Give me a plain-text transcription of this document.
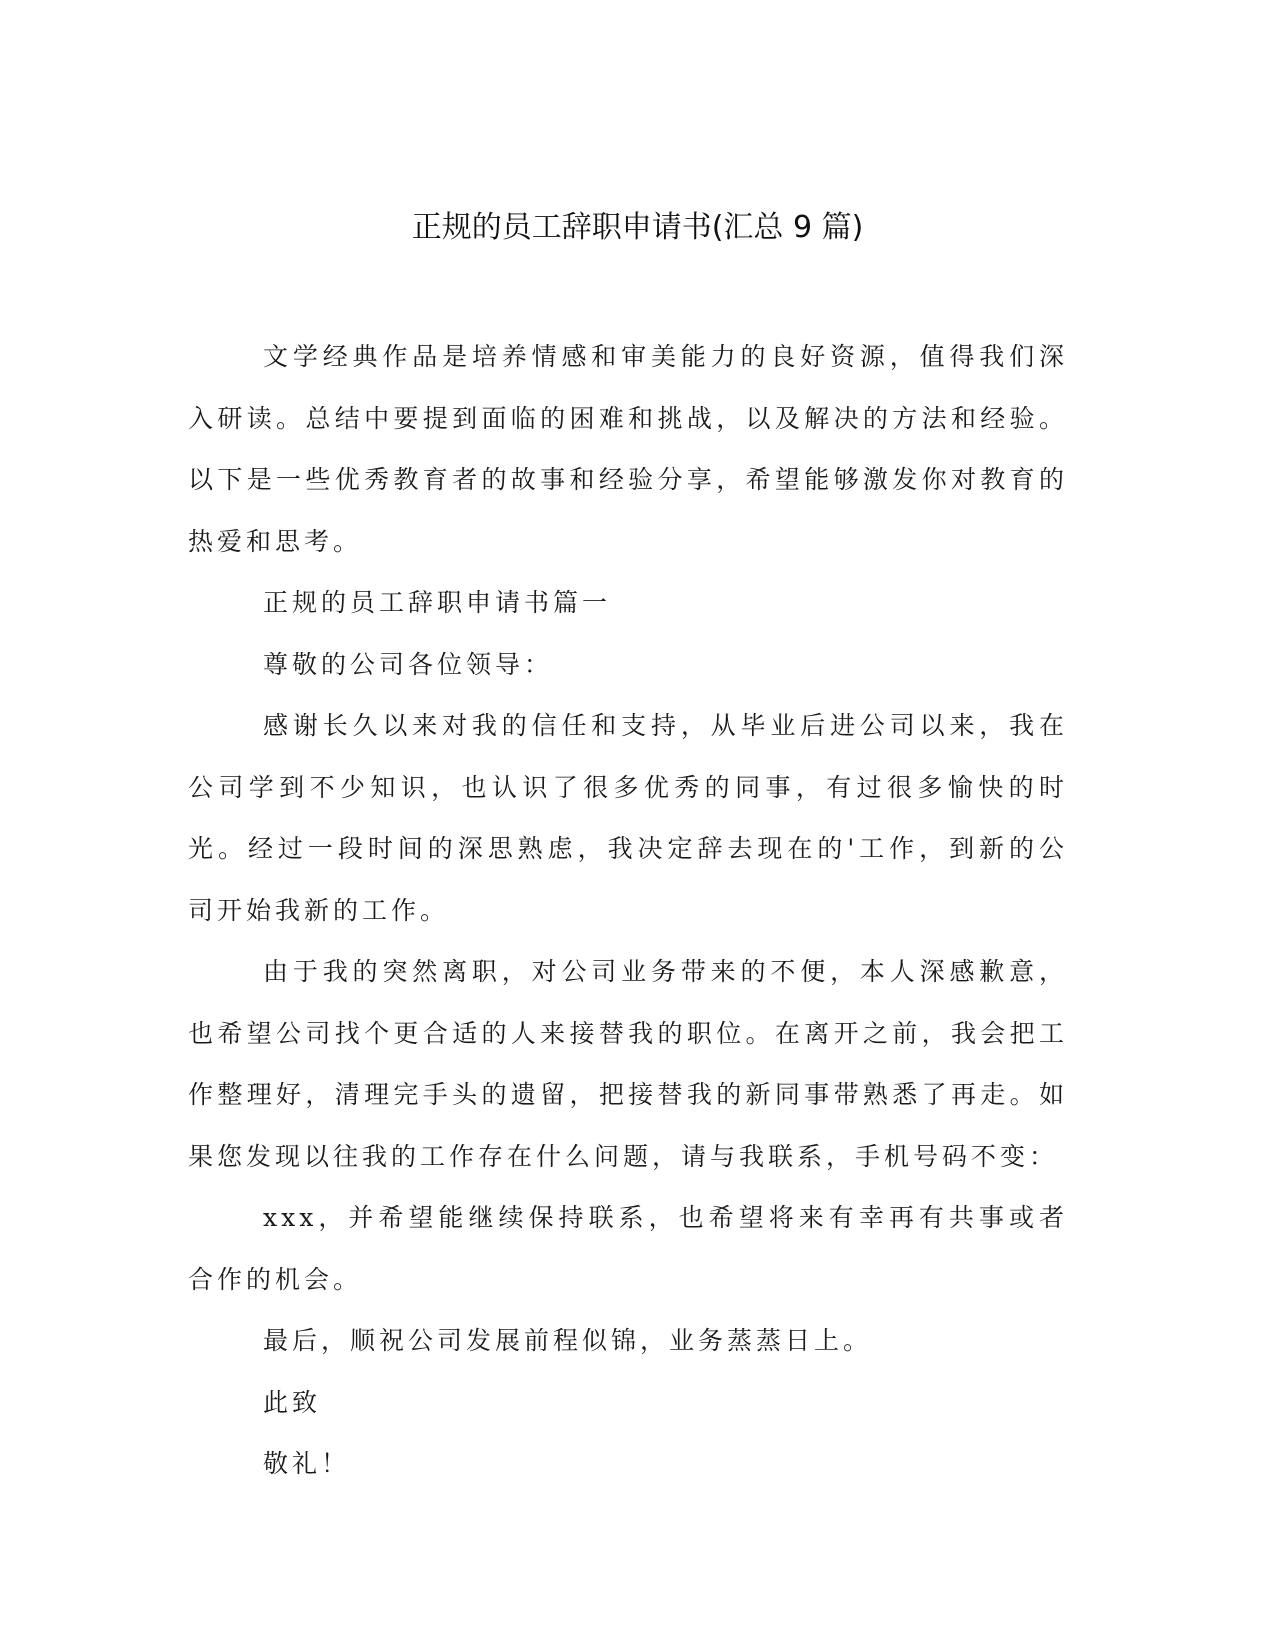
正规的员工辞职申请书(汇总 9 篇)

文学经典作品是培养情感和审美能力的良好资源，值得我们深入研读。总结中要提到面临的困难和挑战，以及解决的方法和经验。以下是一些优秀教育者的故事和经验分享，希望能够激发你对教育的热爱和思考。

正规的员工辞职申请书篇一

尊敬的公司各位领导：

感谢长久以来对我的信任和支持，从毕业后进公司以来，我在公司学到不少知识，也认识了很多优秀的同事，有过很多愉快的时光。经过一段时间的深思熟虑，我决定辞去现在的'工作，到新的公司开始我新的工作。

由于我的突然离职，对公司业务带来的不便，本人深感歉意，也希望公司找个更合适的人来接替我的职位。在离开之前，我会把工作整理好，清理完手头的遗留，把接替我的新同事带熟悉了再走。如果您发现以往我的工作存在什么问题，请与我联系，手机号码不变：

xxx，并希望能继续保持联系，也希望将来有幸再有共事或者合作的机会。

最后，顺祝公司发展前程似锦，业务蒸蒸日上。

此致

敬礼！
